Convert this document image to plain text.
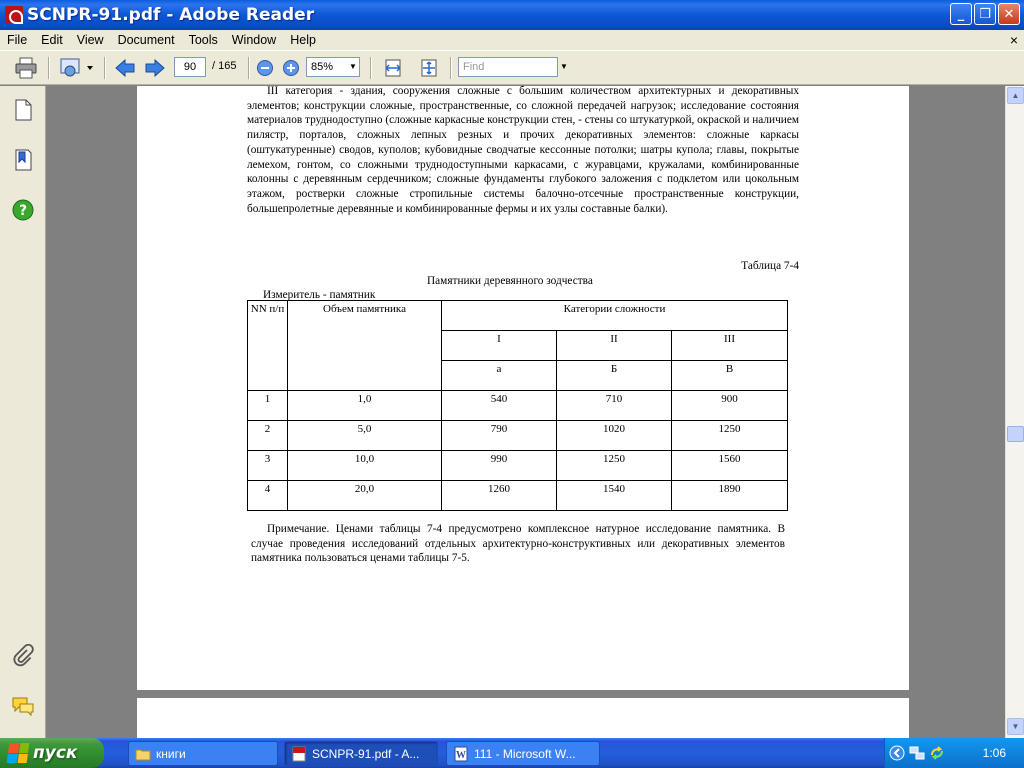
SCNPR-91.pdf - Adobe Reader	_	❐ ✕
File	Edit	View	Document	Tools	Window	Help	×
90	/ 165	85% ▼	Find	▼
?

III категория - здания, сооружения сложные с большим количеством архитектурных и декоративных элементов; конструкции сложные, пространственные, со сложной передачей нагрузок; исследование состояния материалов труднодоступно (сложные каркасные конструкции стен, - стены со штукатуркой, окраской и наличием пилястр, порталов, сложных лепных резных и прочих декоративных элементов: сложные каркасы (оштукатуренные) сводов, куполов; кубовидные сводчатые кессонные потолки; шатры купола; главы, покрытые лемехом, гонтом, со сложными труднодоступными каркасами, с журавцами, кружалами, комбинированные колонны с деревянным сердечником; сложные фундаменты глубокого заложения с подклетом или цокольным этажом, ростверки сложные стропильные системы балочно-отсечные пространственные конструкции, большепролетные деревянные и комбинированные фермы и их узлы составные балки).

Таблица 7-4
Памятники деревянного зодчества
Измеритель - памятник
NN п/п	Объем памятника	Категории сложности		
		I	II	III
		а	Б	В
1	1,0	540	710	900
2	5,0	790	1020	1250
3	10,0	990	1250	1560
4	20,0	1260	1540	1890

Примечание. Ценами таблицы 7-4 предусмотрено комплексное натурное исследование памятника. В случае проведения исследований отдельных архитектурно-конструктивных или декоративных элементов памятника пользоваться ценами таблицы 7-5.

▲
▼
пуск	книги	SCNPR-91.pdf - A...	W 111 - Microsoft W...	1:06
